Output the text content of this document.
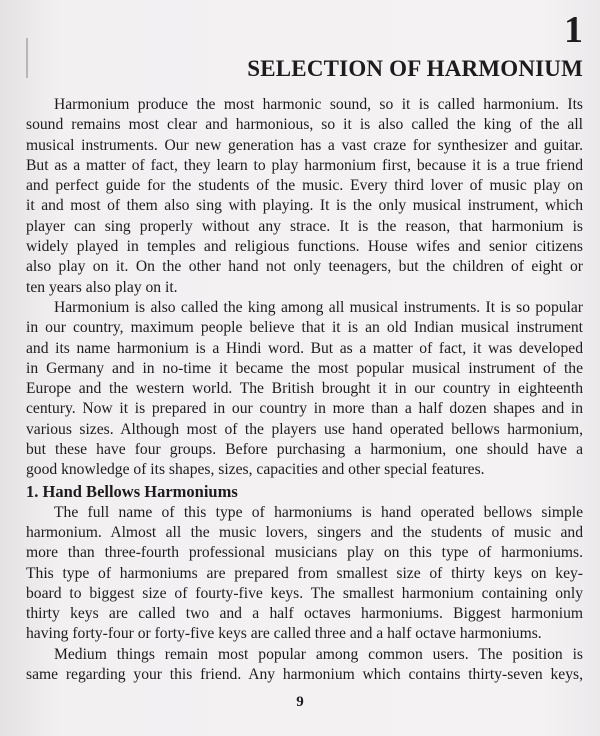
1
SELECTION OF HARMONIUM
Harmonium produce the most harmonic sound, so it is called harmonium. Its
sound remains most clear and harmonious, so it is also called the king of the all
musical instruments. Our new generation has a vast craze for synthesizer and guitar.
But as a matter of fact, they learn to play harmonium first, because it is a true friend
and perfect guide for the students of the music. Every third lover of music play on
it and most of them also sing with playing. It is the only musical instrument, which
player can sing properly without any strace. It is the reason, that harmonium is
widely played in temples and religious functions. House wifes and senior citizens
also play on it. On the other hand not only teenagers, but the children of eight or
ten years also play on it.
Harmonium is also called the king among all musical instruments. It is so popular
in our country, maximum people believe that it is an old Indian musical instrument
and its name harmonium is a Hindi word. But as a matter of fact, it was developed
in Germany and in no-time it became the most popular musical instrument of the
Europe and the western world. The British brought it in our country in eighteenth
century. Now it is prepared in our country in more than a half dozen shapes and in
various sizes. Although most of the players use hand operated bellows harmonium,
but these have four groups. Before purchasing a harmonium, one should have a
good knowledge of its shapes, sizes, capacities and other special features.
1. Hand Bellows Harmoniums
The full name of this type of harmoniums is hand operated bellows simple
harmonium. Almost all the music lovers, singers and the students of music and
more than three-fourth professional musicians play on this type of harmoniums.
This type of harmoniums are prepared from smallest size of thirty keys on key-
board to biggest size of fourty-five keys. The smallest harmonium containing only
thirty keys are called two and a half octaves harmoniums. Biggest harmonium
having forty-four or forty-five keys are called three and a half octave harmoniums.
Medium things remain most popular among common users. The position is
same regarding your this friend. Any harmonium which contains thirty-seven keys,
9
